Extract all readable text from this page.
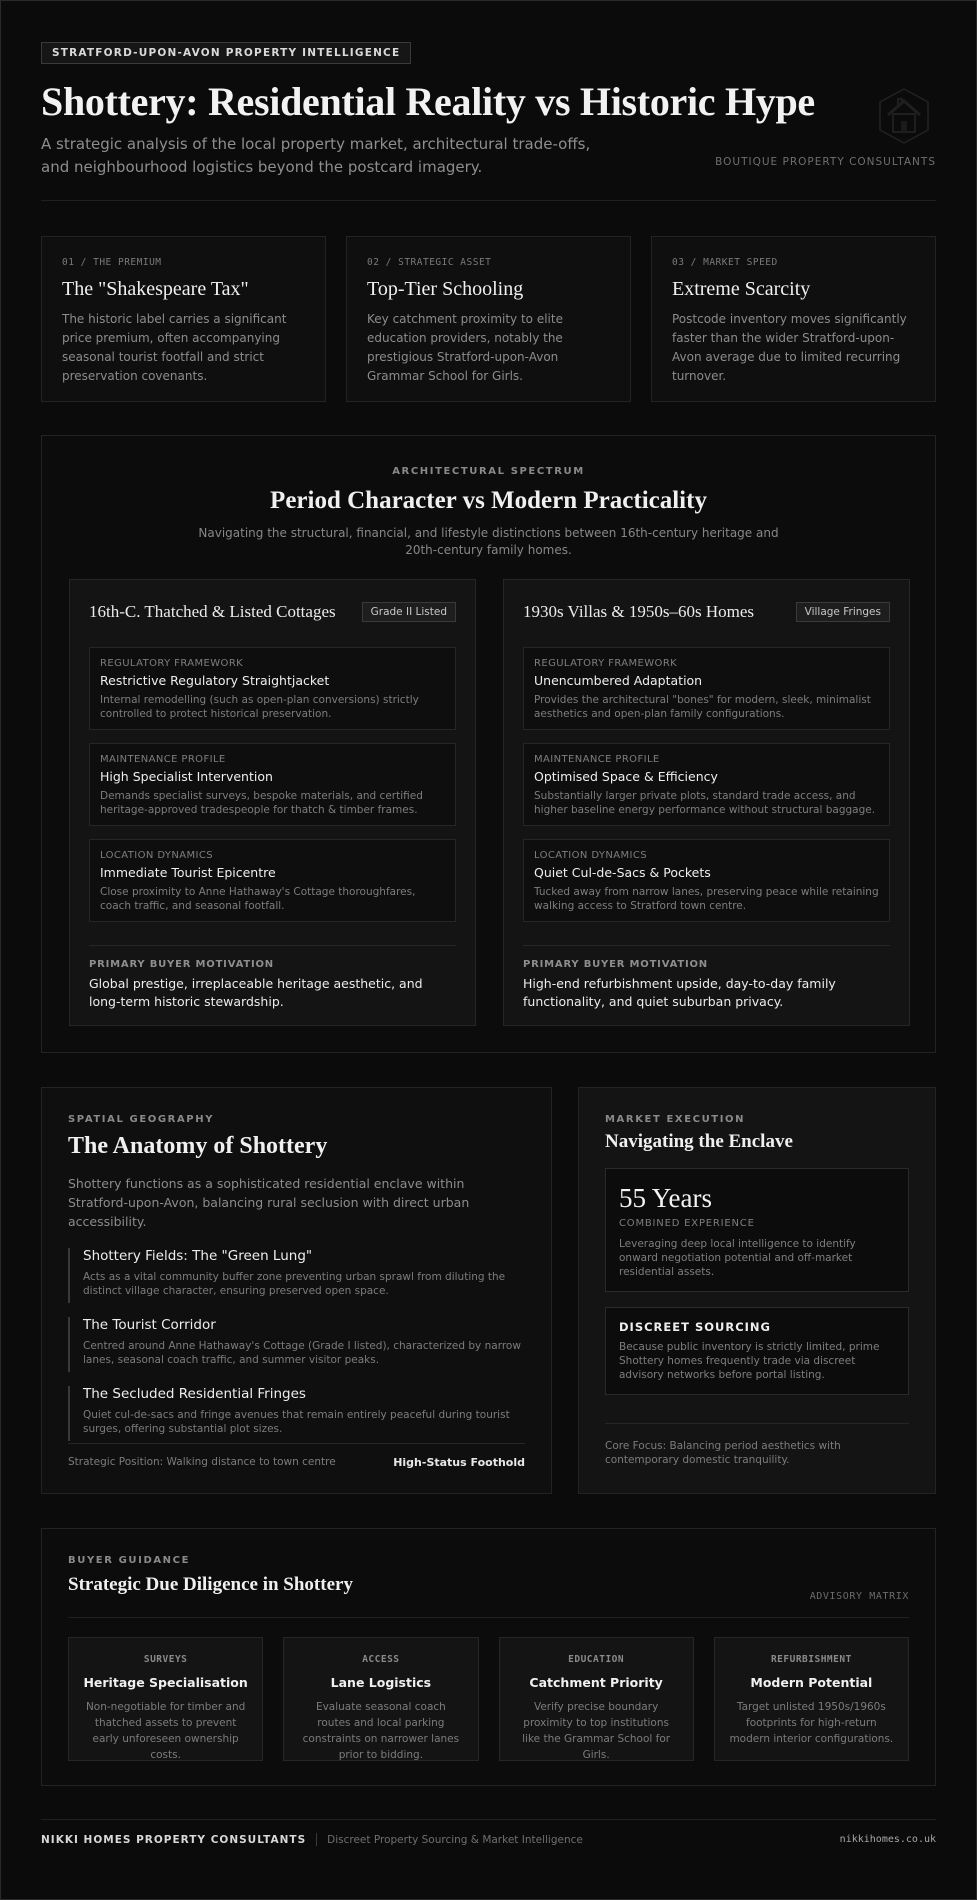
STRATFORD-UPON-AVON PROPERTY INTELLIGENCE
Shottery: Residential Reality vs Historic Hype

A strategic analysis of the local property market, architectural trade-offs, and neighbourhood logistics beyond the postcard imagery.	BOUTIQUE PROPERTY CONSULTANTS
01 / THE PREMIUM
The "Shakespeare Tax"
The historic label carries a significant price premium, often accompanying seasonal tourist footfall and strict preservation covenants.
02 / STRATEGIC ASSET
Top-Tier Schooling
Key catchment proximity to elite education providers, notably the prestigious Stratford-upon-Avon Grammar School for Girls.
03 / MARKET SPEED
Extreme Scarcity
Postcode inventory moves significantly faster than the wider Stratford-upon-Avon average due to limited recurring turnover.
ARCHITECTURAL SPECTRUM
Period Character vs Modern Practicality

Navigating the structural, financial, and lifestyle distinctions between 16th-century heritage and 20th-century family homes.

16th-C. Thatched & Listed Cottages	Grade II Listed
REGULATORY FRAMEWORK
Restrictive Regulatory Straightjacket
Internal remodelling (such as open-plan conversions) strictly controlled to protect historical preservation.
MAINTENANCE PROFILE
High Specialist Intervention
Demands specialist surveys, bespoke materials, and certified heritage-approved tradespeople for thatch & timber frames.
LOCATION DYNAMICS
Immediate Tourist Epicentre
Close proximity to Anne Hathaway's Cottage thoroughfares, coach traffic, and seasonal footfall.
PRIMARY BUYER MOTIVATION
Global prestige, irreplaceable heritage aesthetic, and long-term historic stewardship.
1930s Villas & 1950s–60s Homes	Village Fringes
REGULATORY FRAMEWORK
Unencumbered Adaptation
Provides the architectural "bones" for modern, sleek, minimalist aesthetics and open-plan family configurations.
MAINTENANCE PROFILE
Optimised Space & Efficiency
Substantially larger private plots, standard trade access, and higher baseline energy performance without structural baggage.
LOCATION DYNAMICS
Quiet Cul-de-Sacs & Pockets
Tucked away from narrow lanes, preserving peace while retaining walking access to Stratford town centre.
PRIMARY BUYER MOTIVATION
High-end refurbishment upside, day-to-day family functionality, and quiet suburban privacy.
SPATIAL GEOGRAPHY
The Anatomy of Shottery

Shottery functions as a sophisticated residential enclave within Stratford-upon-Avon, balancing rural seclusion with direct urban accessibility.

Shottery Fields: The "Green Lung"
Acts as a vital community buffer zone preventing urban sprawl from diluting the distinct village character, ensuring preserved open space.
The Tourist Corridor
Centred around Anne Hathaway's Cottage (Grade I listed), characterized by narrow lanes, seasonal coach traffic, and summer visitor peaks.
The Secluded Residential Fringes
Quiet cul-de-sacs and fringe avenues that remain entirely peaceful during tourist surges, offering substantial plot sizes.
Strategic Position: Walking distance to town centre	High-Status Foothold
MARKET EXECUTION
Navigating the Enclave
55 Years
COMBINED EXPERIENCE
Leveraging deep local intelligence to identify onward negotiation potential and off-market residential assets.
DISCREET SOURCING
Because public inventory is strictly limited, prime Shottery homes frequently trade via discreet advisory networks before portal listing.
Core Focus: Balancing period aesthetics with contemporary domestic tranquility.
BUYER GUIDANCE
Strategic Due Diligence in Shottery
ADVISORY MATRIX
SURVEYS
Heritage Specialisation
Non-negotiable for timber and thatched assets to prevent early unforeseen ownership costs.
ACCESS
Lane Logistics
Evaluate seasonal coach routes and local parking constraints on narrower lanes prior to bidding.
EDUCATION
Catchment Priority
Verify precise boundary proximity to top institutions like the Grammar School for Girls.
REFURBISHMENT
Modern Potential
Target unlisted 1950s/1960s footprints for high-return modern interior configurations.
NIKKI HOMES PROPERTY CONSULTANTS Discreet Property Sourcing & Market Intelligence	nikkihomes.co.uk
